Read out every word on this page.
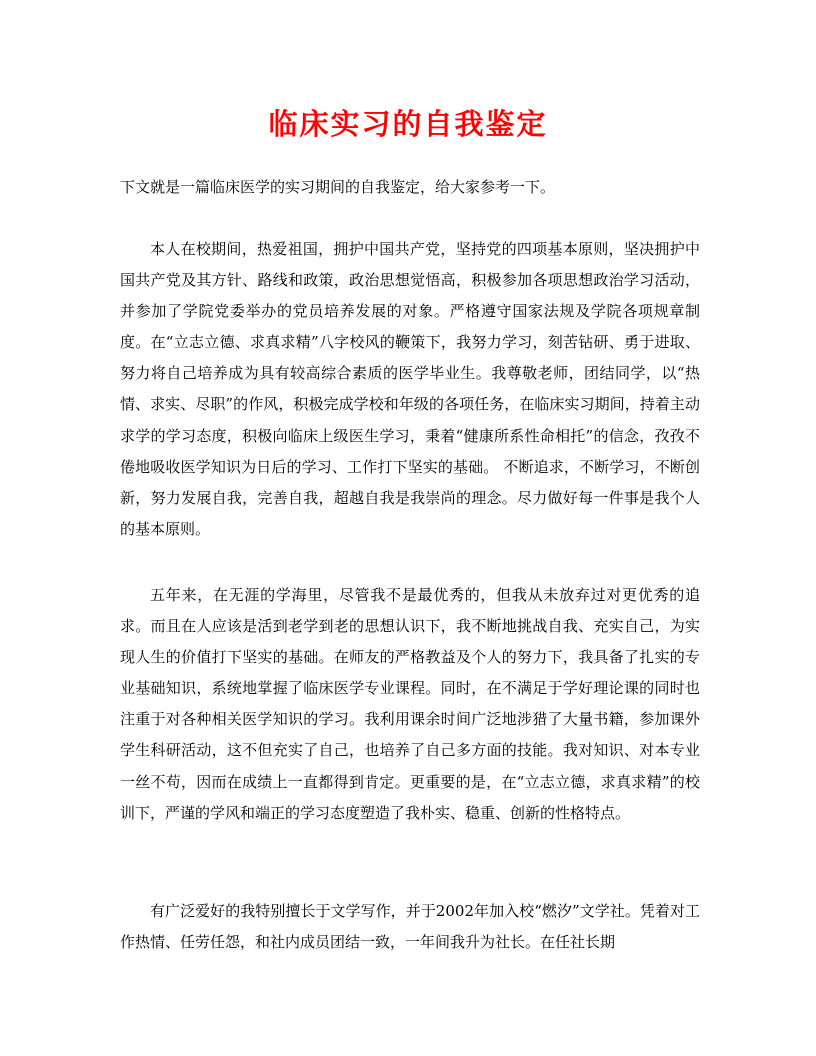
临床实习的自我鉴定

下文就是一篇临床医学的实习期间的自我鉴定，给大家参考一下。

本人在校期间，热爱祖国，拥护中国共产党，坚持党的四项基本原则，坚决拥护中国共产党及其方针、路线和政策，政治思想觉悟高，积极参加各项思想政治学习活动，并参加了学院党委举办的党员培养发展的对象。严格遵守国家法规及学院各项规章制度。在“立志立德、求真求精”八字校风的鞭策下，我努力学习，刻苦钻研、勇于进取、努力将自己培养成为具有较高综合素质的医学毕业生。我尊敬老师，团结同学，以“热情、求实、尽职”的作风，积极完成学校和年级的各项任务，在临床实习期间，持着主动求学的学习态度，积极向临床上级医生学习，秉着“健康所系性命相托”的信念，孜孜不倦地吸收医学知识为日后的学习、工作打下坚实的基础。 不断追求，不断学习，不断创新，努力发展自我，完善自我，超越自我是我崇尚的理念。尽力做好每一件事是我个人的基本原则。

五年来，在无涯的学海里，尽管我不是最优秀的，但我从未放弃过对更优秀的追求。而且在人应该是活到老学到老的思想认识下，我不断地挑战自我、充实自己，为实现人生的价值打下坚实的基础。在师友的严格教益及个人的努力下，我具备了扎实的专业基础知识，系统地掌握了临床医学专业课程。同时，在不满足于学好理论课的同时也注重于对各种相关医学知识的学习。我利用课余时间广泛地涉猎了大量书籍，参加课外学生科研活动，这不但充实了自己，也培养了自己多方面的技能。我对知识、对本专业一丝不苟，因而在成绩上一直都得到肯定。更重要的是，在“立志立德，求真求精”的校训下，严谨的学风和端正的学习态度塑造了我朴实、稳重、创新的性格特点。

有广泛爱好的我特别擅长于文学写作，并于2002年加入校“燃汐”文学社。凭着对工作热情、任劳任怨，和社内成员团结一致，一年间我升为社长。在任社长期
